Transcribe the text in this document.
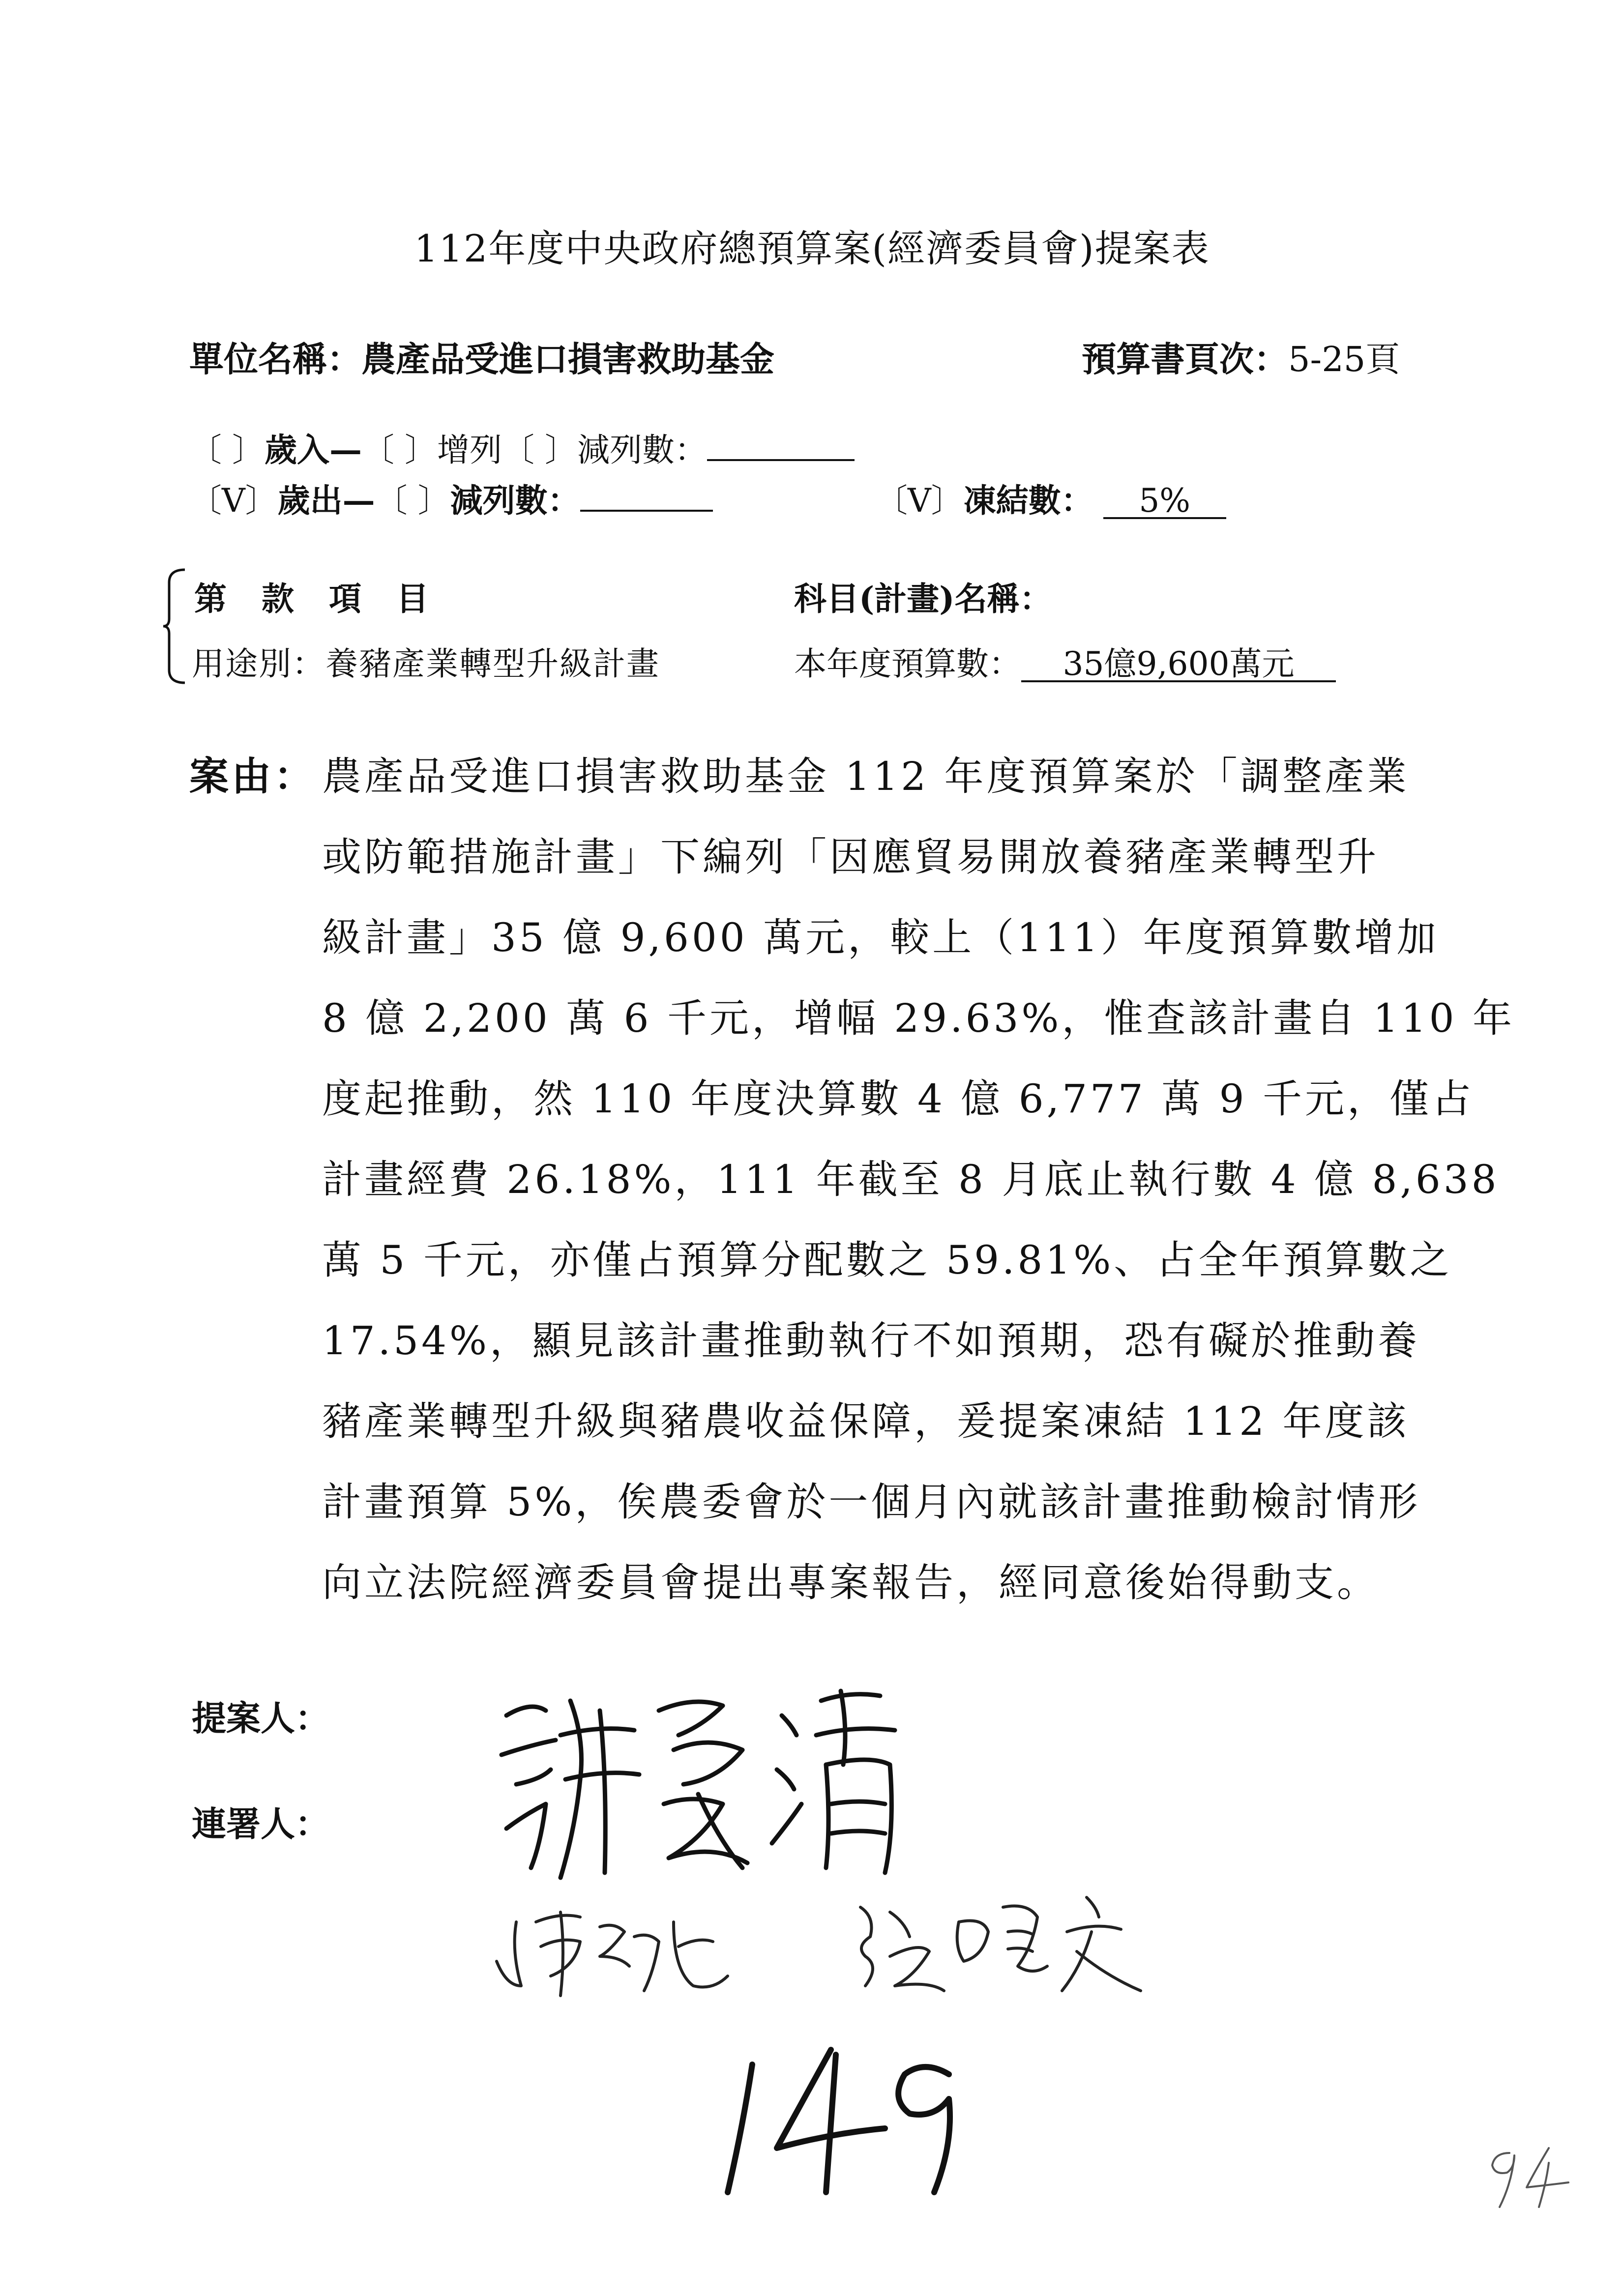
112年度中央政府總預算案(經濟委員會)提案表
單位名稱：農產品受進口損害救助基金	預算書頁次：5-25頁
〔 〕歲入—〔 〕增列〔 〕減列數：
〔V〕歲出—〔 〕減列數：	〔V〕凍結數： 5%
第 款 項 目	科目(計畫)名稱：
用途別：養豬產業轉型升級計畫	本年度預算數： 35億9,600萬元
案由： 農產品受進口損害救助基金 112 年度預算案於「調整產業
或防範措施計畫」下編列「因應貿易開放養豬產業轉型升
級計畫」35 億 9,600 萬元，較上（111）年度預算數增加
8 億 2,200 萬 6 千元，增幅 29.63%，惟查該計畫自 110 年
度起推動，然 110 年度決算數 4 億 6,777 萬 9 千元，僅占
計畫經費 26.18%，111 年截至 8 月底止執行數 4 億 8,638
萬 5 千元，亦僅占預算分配數之 59.81%、占全年預算數之
17.54%，顯見該計畫推動執行不如預期，恐有礙於推動養
豬產業轉型升級與豬農收益保障，爰提案凍結 112 年度該
計畫預算 5%，俟農委會於一個月內就該計畫推動檢討情形
向立法院經濟委員會提出專案報告，經同意後始得動支。
提案人：
連署人：
